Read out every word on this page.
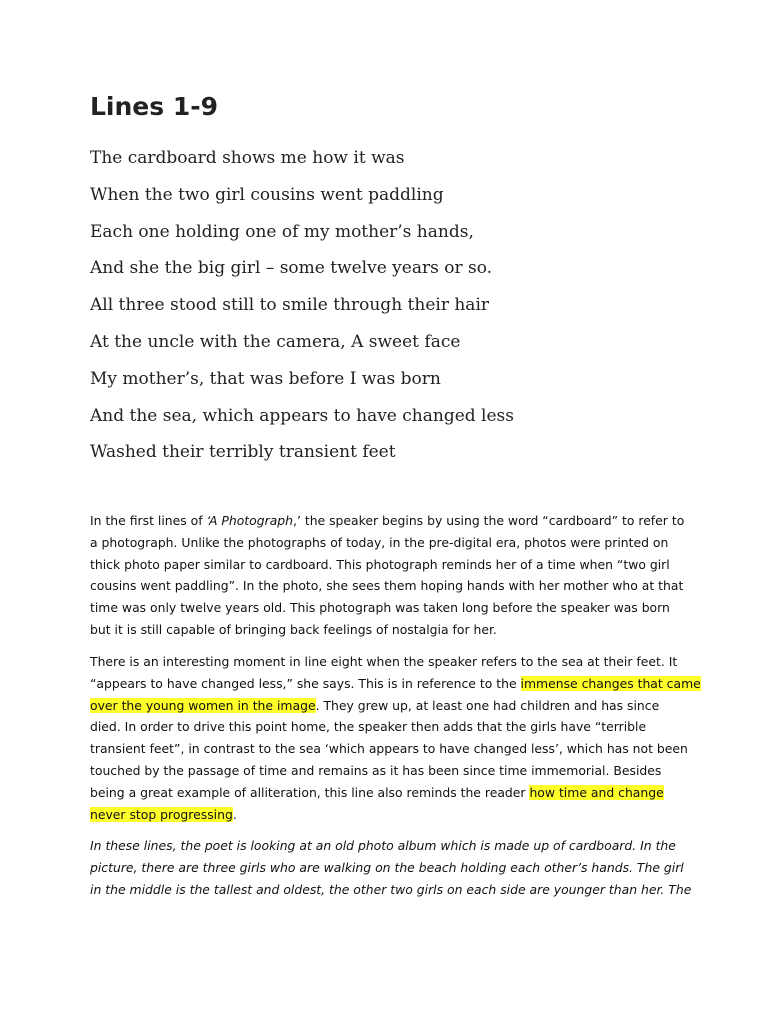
Lines 1-9
The cardboard shows me how it was
When the two girl cousins went paddling
Each one holding one of my mother’s hands,
And she the big girl – some twelve years or so.
All three stood still to smile through their hair
At the uncle with the camera, A sweet face
My mother’s, that was before I was born
And the sea, which appears to have changed less
Washed their terribly transient feet

In the first lines of ‘A Photograph,’ the speaker begins by using the word “cardboard” to refer to
a photograph. Unlike the photographs of today, in the pre-digital era, photos were printed on
thick photo paper similar to cardboard. This photograph reminds her of a time when “two girl
cousins went paddling”. In the photo, she sees them hoping hands with her mother who at that
time was only twelve years old. This photograph was taken long before the speaker was born
but it is still capable of bringing back feelings of nostalgia for her.

There is an interesting moment in line eight when the speaker refers to the sea at their feet. It
“appears to have changed less,” she says. This is in reference to the immense changes that came
over the young women in the image. They grew up, at least one had children and has since
died. In order to drive this point home, the speaker then adds that the girls have “terrible
transient feet”, in contrast to the sea ‘which appears to have changed less’, which has not been
touched by the passage of time and remains as it has been since time immemorial. Besides
being a great example of alliteration, this line also reminds the reader how time and change
never stop progressing.

In these lines, the poet is looking at an old photo album which is made up of cardboard. In the
picture, there are three girls who are walking on the beach holding each other’s hands. The girl
in the middle is the tallest and oldest, the other two girls on each side are younger than her. The
